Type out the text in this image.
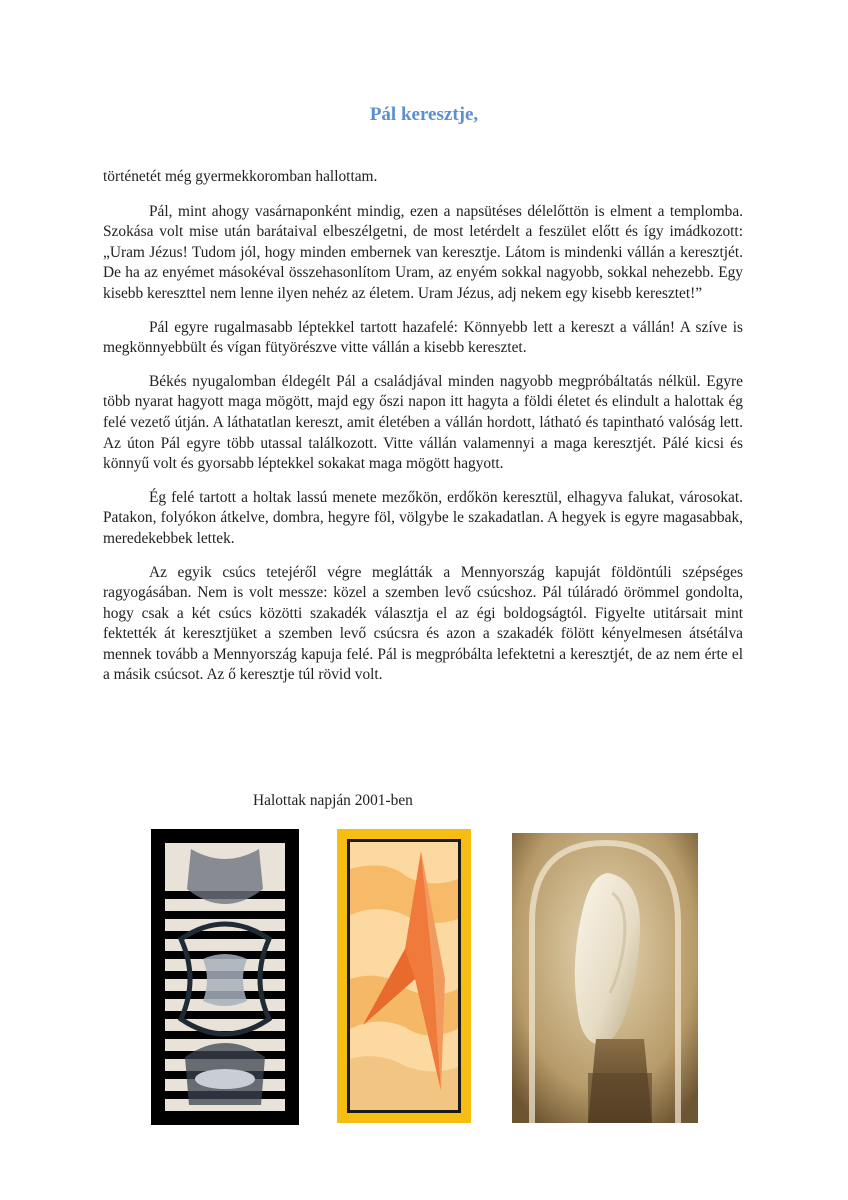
Pál keresztje,

történetét még gyermekkoromban hallottam.

Pál, mint ahogy vasárnaponként mindig, ezen a napsütéses délelőttön is elment a templomba. Szokása volt mise után barátaival elbeszélgetni, de most letérdelt a feszület előtt és így imádkozott: „Uram Jézus! Tudom jól, hogy minden embernek van keresztje. Látom is mindenki vállán a keresztjét. De ha az enyémet másokéval összehasonlítom Uram, az enyém sokkal nagyobb, sokkal nehezebb. Egy kisebb kereszttel nem lenne ilyen nehéz az életem. Uram Jézus, adj nekem egy kisebb keresztet!”

Pál egyre rugalmasabb léptekkel tartott hazafelé: Könnyebb lett a kereszt a vállán! A szíve is megkönnyebbült és vígan fütyörészve vitte vállán a kisebb keresztet.

Békés nyugalomban éldegélt Pál a családjával minden nagyobb megpróbáltatás nélkül. Egyre több nyarat hagyott maga mögött, majd egy őszi napon itt hagyta a földi életet és elindult a halottak ég felé vezető útján. A láthatatlan kereszt, amit életében a vállán hordott, látható és tapintható valóság lett. Az úton Pál egyre több utassal találkozott. Vitte vállán valamennyi a maga keresztjét. Pálé kicsi és könnyű volt és gyorsabb léptekkel sokakat maga mögött hagyott.

Ég felé tartott a holtak lassú menete mezőkön, erdőkön keresztül, elhagyva falukat, városokat. Patakon, folyókon átkelve, dombra, hegyre föl, völgybe le szakadatlan. A hegyek is egyre magasabbak, meredekebbek lettek.

Az egyik csúcs tetejéről végre meglátták a Mennyország kapuját földöntúli szépséges ragyogásában. Nem is volt messze: közel a szemben levő csúcshoz. Pál túláradó örömmel gondolta, hogy csak a két csúcs közötti szakadék választja el az égi boldogságtól. Figyelte utitársait mint fektették át keresztjüket a szemben levő csúcsra és azon a szakadék fölött kényelmesen átsétálva mennek tovább a Mennyország kapuja felé. Pál is megpróbálta lefektetni a keresztjét, de az nem érte el a másik csúcsot. Az ő keresztje túl rövid volt.

Halottak napján 2001-ben
